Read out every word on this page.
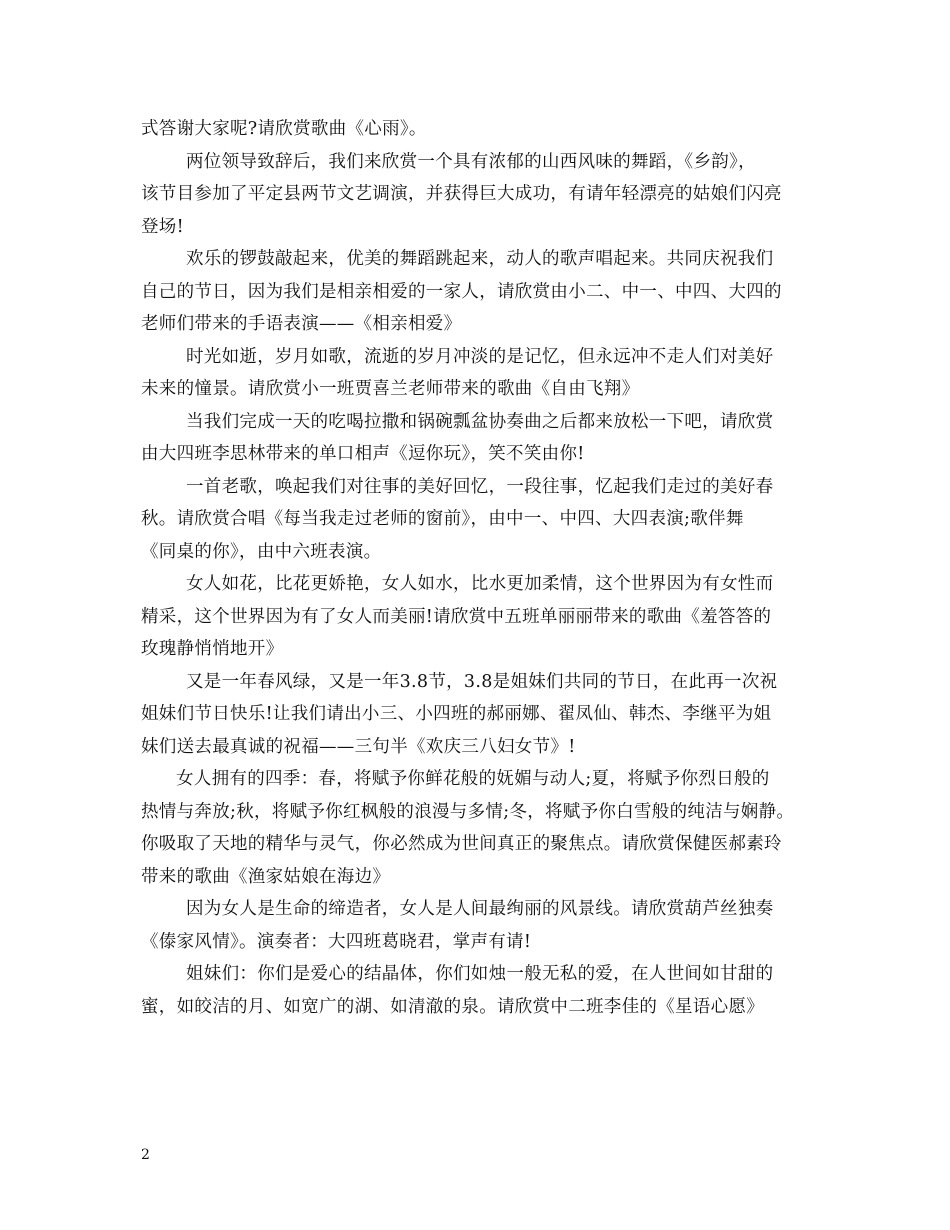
式答谢大家呢?请欣赏歌曲《心雨》。
两位领导致辞后，我们来欣赏一个具有浓郁的山西风味的舞蹈，《乡韵》，
该节目参加了平定县两节文艺调演，并获得巨大成功，有请年轻漂亮的姑娘们闪亮
登场!
欢乐的锣鼓敲起来，优美的舞蹈跳起来，动人的歌声唱起来。共同庆祝我们
自己的节日，因为我们是相亲相爱的一家人，请欣赏由小二、中一、中四、大四的
老师们带来的手语表演——《相亲相爱》
时光如逝，岁月如歌，流逝的岁月冲淡的是记忆，但永远冲不走人们对美好
未来的憧景。请欣赏小一班贾喜兰老师带来的歌曲《自由飞翔》
当我们完成一天的吃喝拉撒和锅碗瓢盆协奏曲之后都来放松一下吧，请欣赏
由大四班李思林带来的单口相声《逗你玩》，笑不笑由你!
一首老歌，唤起我们对往事的美好回忆，一段往事，忆起我们走过的美好春
秋。请欣赏合唱《每当我走过老师的窗前》，由中一、中四、大四表演;歌伴舞
《同桌的你》，由中六班表演。
女人如花，比花更娇艳，女人如水，比水更加柔情，这个世界因为有女性而
精采，这个世界因为有了女人而美丽!请欣赏中五班单丽丽带来的歌曲《羞答答的
玫瑰静悄悄地开》
又是一年春风绿，又是一年3.8节，3.8是姐妹们共同的节日，在此再一次祝
姐妹们节日快乐!让我们请出小三、小四班的郝丽娜、翟凤仙、韩杰、李继平为姐
妹们送去最真诚的祝福——三句半《欢庆三八妇女节》!
女人拥有的四季：春，将赋予你鲜花般的妩媚与动人;夏，将赋予你烈日般的
热情与奔放;秋，将赋予你红枫般的浪漫与多情;冬，将赋予你白雪般的纯洁与娴静。
你吸取了天地的精华与灵气，你必然成为世间真正的聚焦点。请欣赏保健医郝素玲
带来的歌曲《渔家姑娘在海边》
因为女人是生命的缔造者，女人是人间最绚丽的风景线。请欣赏葫芦丝独奏
《傣家风情》。演奏者：大四班葛晓君，掌声有请!
姐妹们：你们是爱心的结晶体，你们如烛一般无私的爱，在人世间如甘甜的
蜜，如皎洁的月、如宽广的湖、如清澈的泉。请欣赏中二班李佳的《星语心愿》
2
